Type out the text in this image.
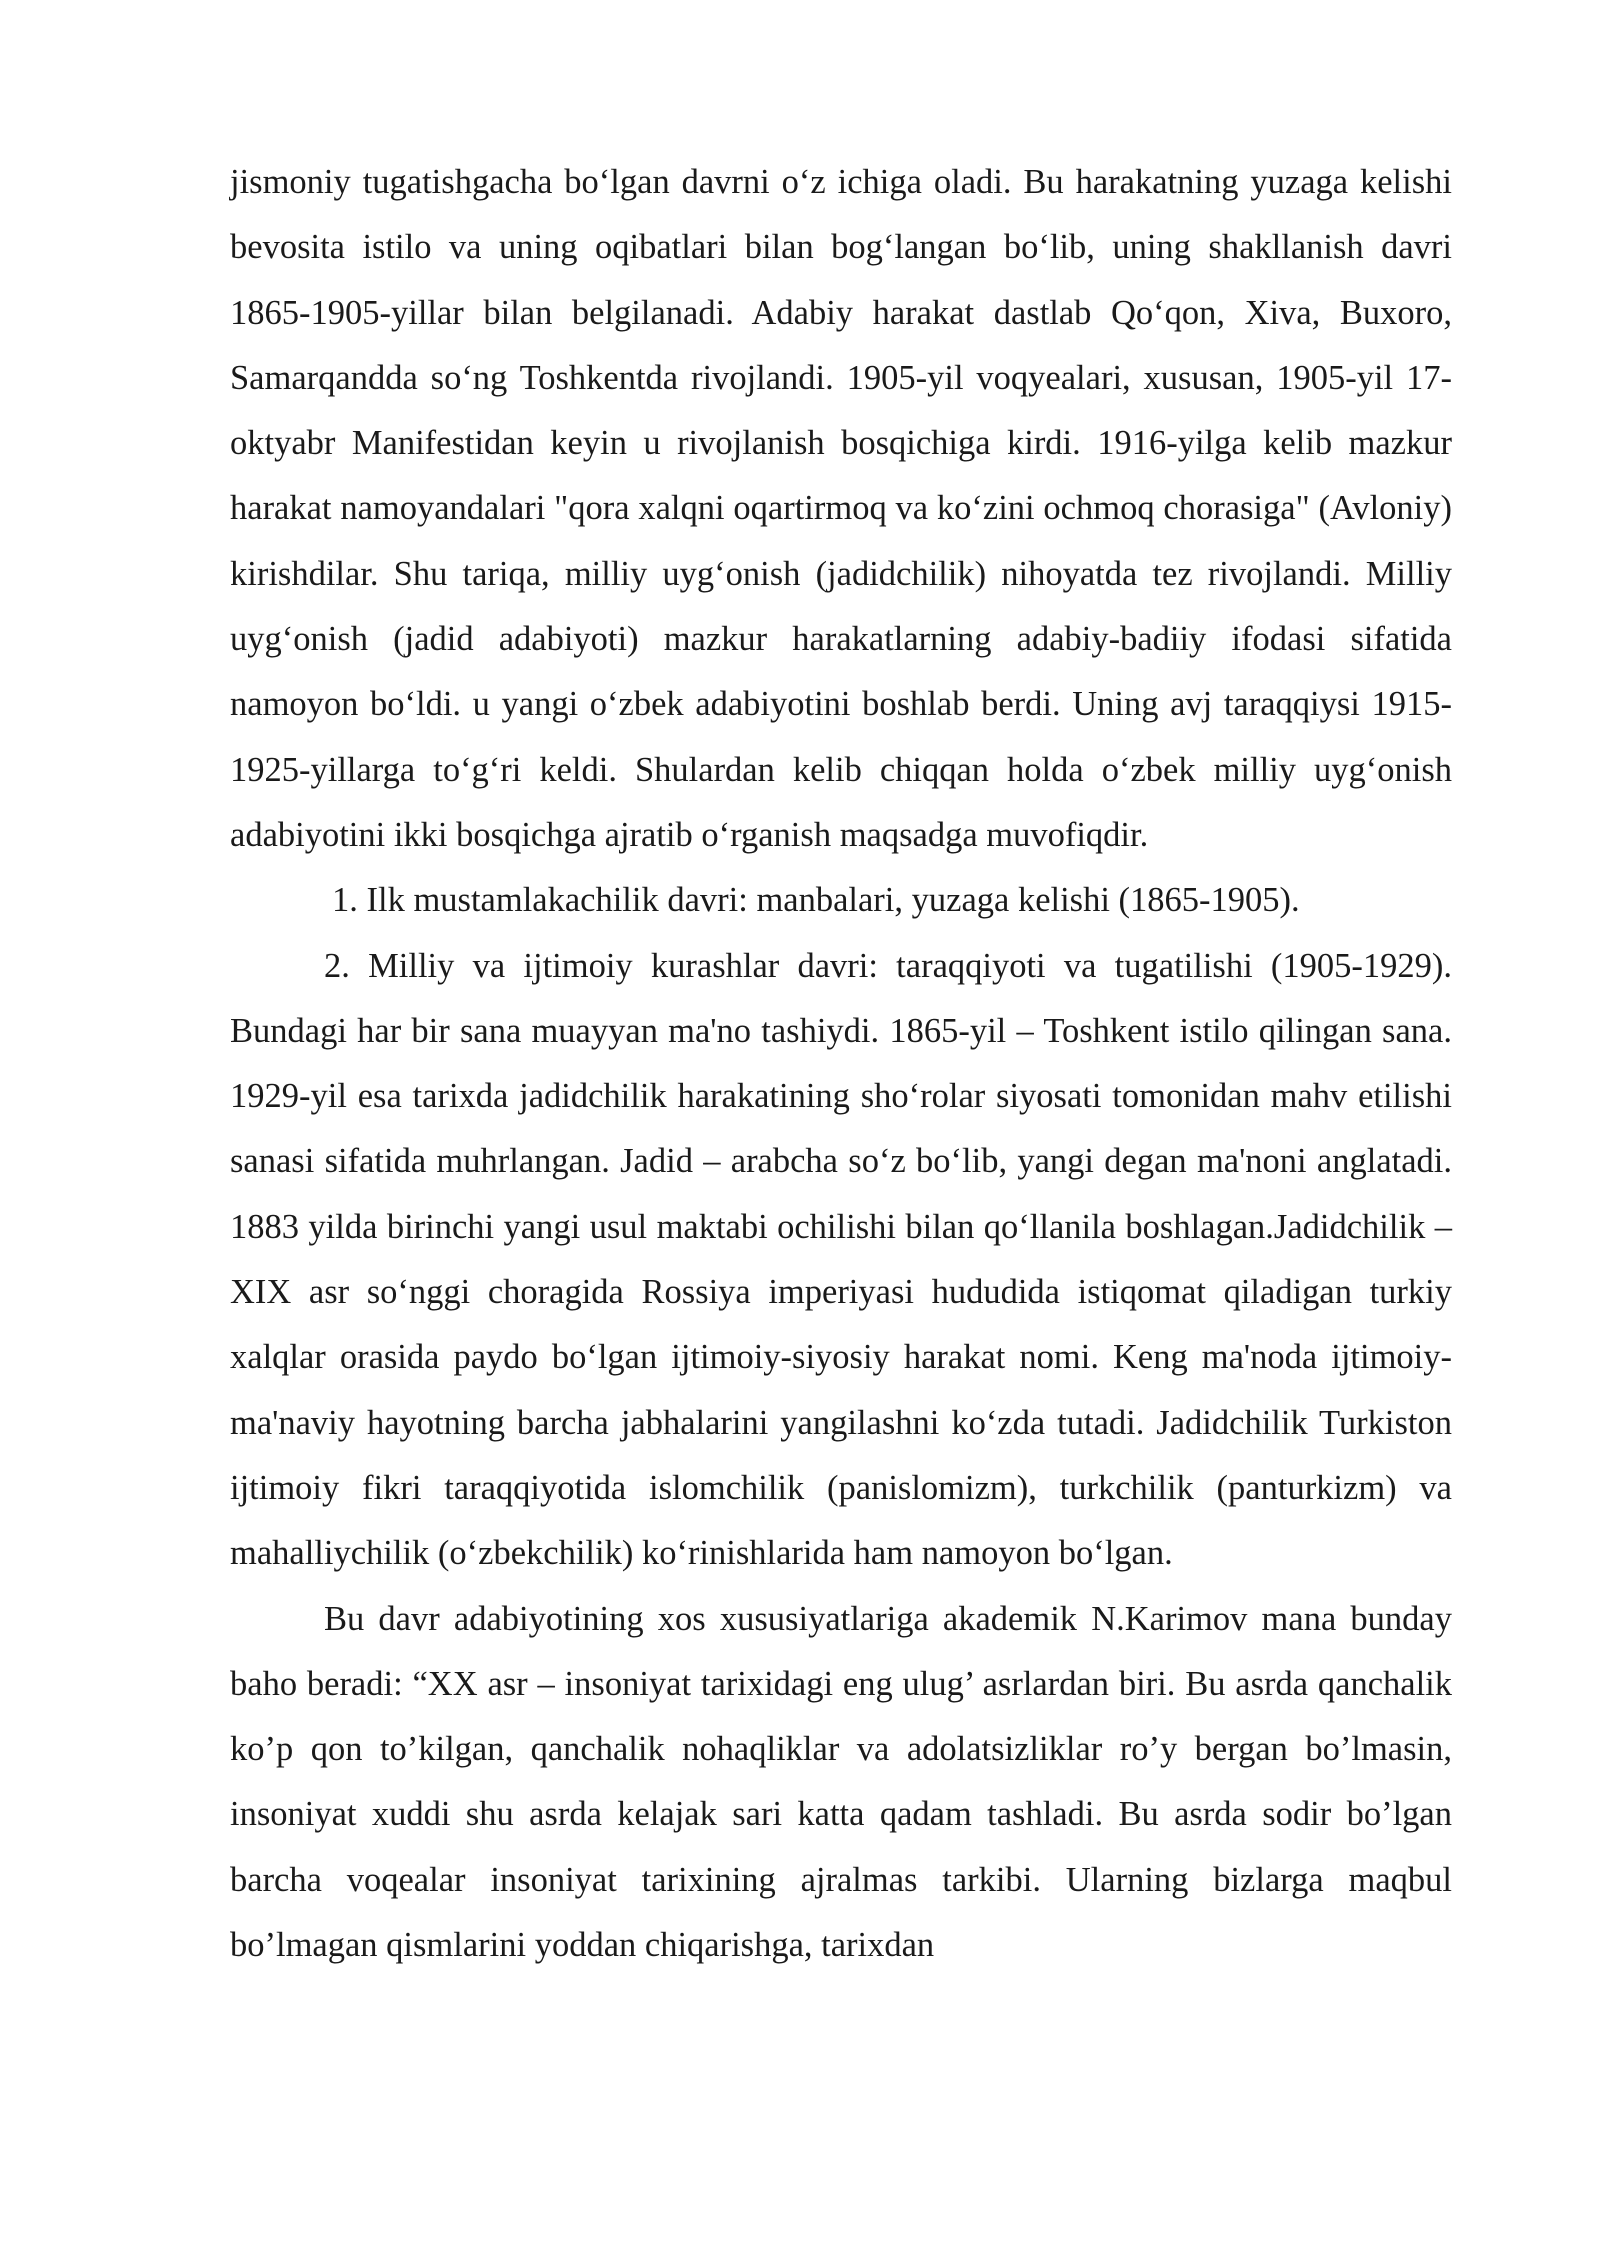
jismoniy tugatishgacha bo‘lgan davrni o‘z ichiga oladi. Bu harakatning yuzaga kelishi bevosita istilo va uning oqibatlari bilan bog‘langan bo‘lib, uning shakllanish davri 1865-1905-yillar bilan belgilanadi. Adabiy harakat dastlab Qo‘qon, Xiva, Buxoro, Samarqandda so‘ng Toshkentda rivojlandi. 1905-yil voqyealari, xususan, 1905-yil 17-oktyabr Manifestidan keyin u rivojlanish bosqichiga kirdi. 1916-yilga kelib mazkur harakat namoyandalari "qora xalqni oqartirmoq va ko‘zini ochmoq chorasiga" (Avloniy) kirishdilar. Shu tariqa, milliy uyg‘onish (jadidchilik) nihoyatda tez rivojlandi. Milliy uyg‘onish (jadid adabiyoti) mazkur harakatlarning adabiy-badiiy ifodasi sifatida namoyon bo‘ldi. u yangi o‘zbek adabiyotini boshlab berdi. Uning avj taraqqiysi 1915-1925-yillarga to‘g‘ri keldi. Shulardan kelib chiqqan holda o‘zbek milliy uyg‘onish adabiyotini ikki bosqichga ajratib o‘rganish maqsadga muvofiqdir.

1. Ilk mustamlakachilik davri: manbalari, yuzaga kelishi (1865-1905).

2. Milliy va ijtimoiy kurashlar davri: taraqqiyoti va tugatilishi (1905-1929). Bundagi har bir sana muayyan ma'no tashiydi. 1865-yil – Toshkent istilo qilingan sana. 1929-yil esa tarixda jadidchilik harakatining sho‘rolar siyosati tomonidan mahv etilishi sanasi sifatida muhrlangan. Jadid – arabcha so‘z bo‘lib, yangi degan ma'noni anglatadi. 1883 yilda birinchi yangi usul maktabi ochilishi bilan qo‘llanila boshlagan.Jadidchilik – XIX asr so‘nggi choragida Rossiya imperiyasi hududida istiqomat qiladigan turkiy xalqlar orasida paydo bo‘lgan ijtimoiy-siyosiy harakat nomi. Keng ma'noda ijtimoiy-ma'naviy hayotning barcha jabhalarini yangilashni ko‘zda tutadi. Jadidchilik Turkiston ijtimoiy fikri taraqqiyotida islomchilik (panislomizm), turkchilik (panturkizm) va mahalliychilik (o‘zbekchilik) ko‘rinishlarida ham namoyon bo‘lgan.

Bu davr adabiyotining xos xususiyatlariga akademik N.Karimov mana bunday baho beradi: “XX asr – insoniyat tarixidagi eng ulug’ asrlardan biri. Bu asrda qanchalik ko’p qon to’kilgan, qanchalik nohaqliklar va adolatsizliklar ro’y bergan bo’lmasin, insoniyat xuddi shu asrda kelajak sari katta qadam tashladi. Bu asrda sodir bo’lgan barcha voqealar insoniyat tarixining ajralmas tarkibi. Ularning bizlarga maqbul bo’lmagan qismlarini yoddan chiqarishga, tarixdan
